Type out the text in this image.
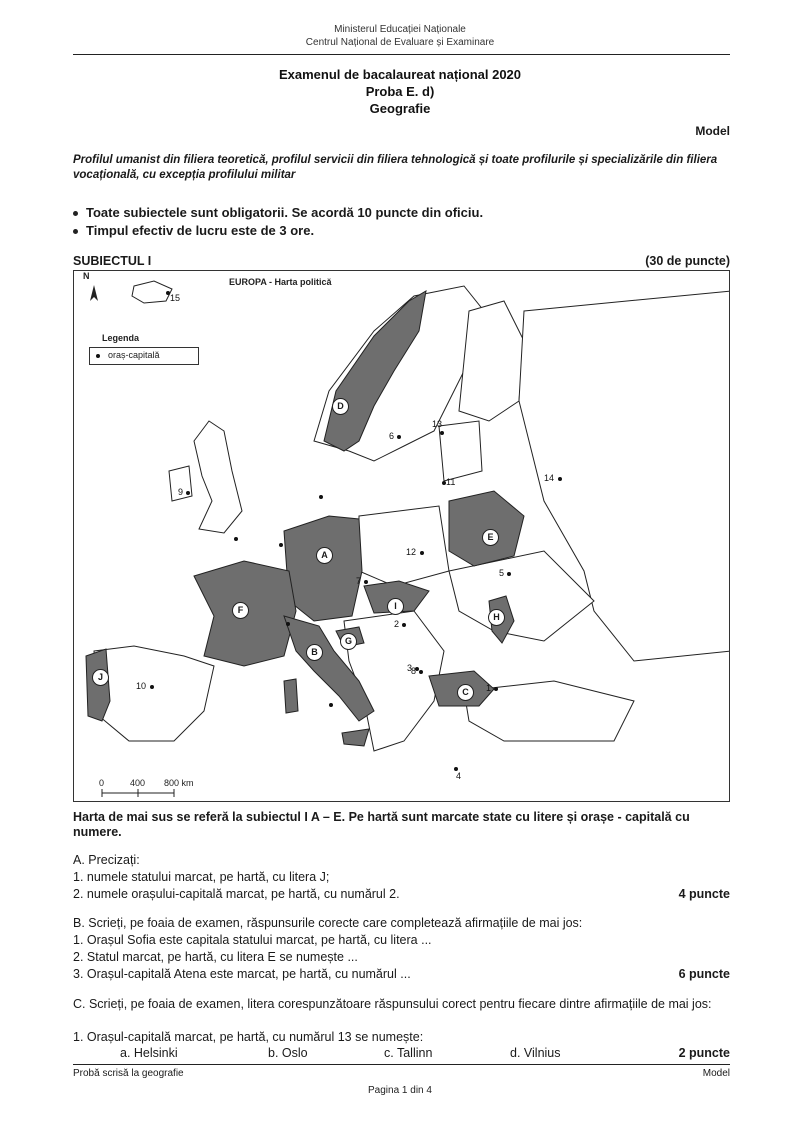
Ministerul Educației Naționale
Centrul Național de Evaluare și Examinare
Examenul de bacalaureat național 2020
Proba E. d)
Geografie
Model
Profilul umanist din filiera teoretică, profilul servicii din filiera tehnologică și toate profilurile și specializările din filiera vocațională, cu excepția profilului militar
Toate subiectele sunt obligatorii. Se acordă 10 puncte din oficiu.
Timpul efectiv de lucru este de 3 ore.
SUBIECTUL I	(30 de puncte)
N
EUROPA - Harta politică
Legenda
oraș-capitală
D
A
E
F	I
H
B
G
C
J
1
2
3
4
5
6
7
8
9
10
11
12
13
14
15
0	400 800 km
Harta de mai sus se referă la subiectul I A – E. Pe hartă sunt marcate state cu litere și orașe - capitală cu numere.
A. Precizați:
1. numele statului marcat, pe hartă, cu litera J;
2. numele orașului-capitală marcat, pe hartă, cu numărul 2.	4 puncte
B. Scrieți, pe foaia de examen, răspunsurile corecte care completează afirmațiile de mai jos:
1. Orașul Sofia este capitala statului marcat, pe hartă, cu litera ...
2. Statul marcat, pe hartă, cu litera E se numește ...
3. Orașul-capitală Atena este marcat, pe hartă, cu numărul ...	6 puncte
C. Scrieți, pe foaia de examen, litera corespunzătoare răspunsului corect pentru fiecare dintre afirmațiile de mai jos:
1. Orașul-capitală marcat, pe hartă, cu numărul 13 se numește:
a. Helsinki	b. Oslo	c. Tallinn	d. Vilnius	2 puncte
Probă scrisă la geografie	Model
Pagina 1 din 4
